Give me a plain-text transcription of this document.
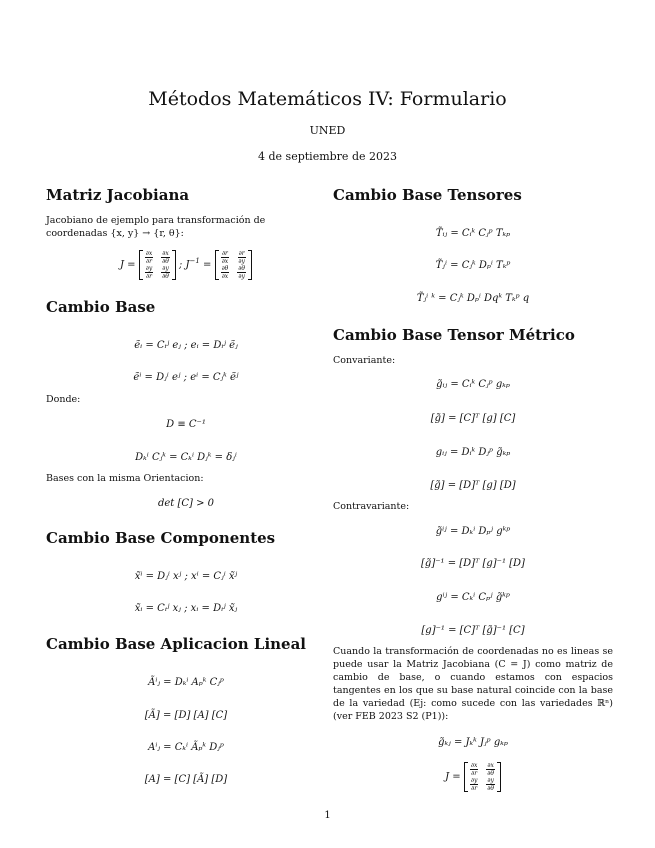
Métodos Matemáticos IV: Formulario
UNED
4 de septiembre de 2023
Matriz Jacobiana
Jacobiano de ejemplo para transformación de coordenadas {x, y} → {r, θ}:
$J = \frac{\partial x}{\partial r} \frac{\partial x}{\partial\theta}$
$\frac{\partial y}{\partial r} \frac{\partial y}{\partial\theta}$ ; $J^{-1} = \frac{\partial r}{\partial x} \frac{\partial r}{\partial y}$
$\frac{\partial\theta}{\partial x} \frac{\partial\theta}{\partial y}$
Cambio Base
ẽᵢ = Cᵢʲ eⱼ ; eᵢ = Dᵢʲ ẽⱼ
ẽⁱ = Dⱼⁱ eʲ ; eⁱ = Cⱼᵏ ẽʲ
Donde:
D ≡ C⁻¹
Dₖⁱ Cⱼᵏ = Cₖⁱ Dⱼᵏ = δⱼⁱ
Bases con la misma Orientacion:
det [C] > 0
Cambio Base Componentes
x̃ⁱ = Dⱼⁱ xʲ ; xⁱ = Cⱼⁱ x̃ʲ
x̃ᵢ = Cᵢʲ xⱼ ; xᵢ = Dᵢʲ x̃ⱼ
Cambio Base Aplicacion Lineal
Ãⁱⱼ = Dₖⁱ Aₚᵏ Cⱼᵖ
[Ã] = [D] [A] [C]
Aⁱⱼ = Cₖⁱ Ãₚᵏ Dⱼᵖ
[A] = [C] [Ã] [D]
Cambio Base Tensores
T̃ᵢⱼ = Cᵢᵏ Cⱼᵖ Tₖₚ
T̃ⱼⁱ = Cⱼᵏ Dₚⁱ Tₖᵖ
T̃ⱼⁱ ᵏ = Cⱼᵏ Dₚⁱ Dqᵏ Tₖᵖ q
Cambio Base Tensor Métrico
Convariante:
g̃ᵢⱼ = Cᵢᵏ Cⱼᵖ gₖₚ
[g̃] = [C]ᵀ [g] [C]
gᵢⱼ = Dᵢᵏ Dⱼᵖ g̃ₖₚ
[g̃] = [D]ᵀ [g] [D]
Contravariante:
g̃ⁱʲ = Dₖⁱ Dₚʲ gᵏᵖ
[g̃]⁻¹ = [D]ᵀ [g]⁻¹ [D]
gⁱʲ = Cₖⁱ Cₚʲ g̃ᵏᵖ
[g]⁻¹ = [C]ᵀ [g̃]⁻¹ [C]
Cuando la transformación de coordenadas no es lineas se puede usar la Matriz Jacobiana (C = J) como matriz de cambio de base, o cuando estamos con espacios tangentes en los que su base natural coincide con la base de la variedad (Ej: como sucede con las variedades ℝⁿ) (ver FEB 2023 S2 (P1)):
g̃ₖⱼ = Jₖᵏ Jⱼᵖ gₖₚ
$J = \frac{\partial x}{\partial r} \frac{\partial x}{\partial\theta}$
$\frac{\partial y}{\partial r} \frac{\partial y}{\partial\theta}$
1
